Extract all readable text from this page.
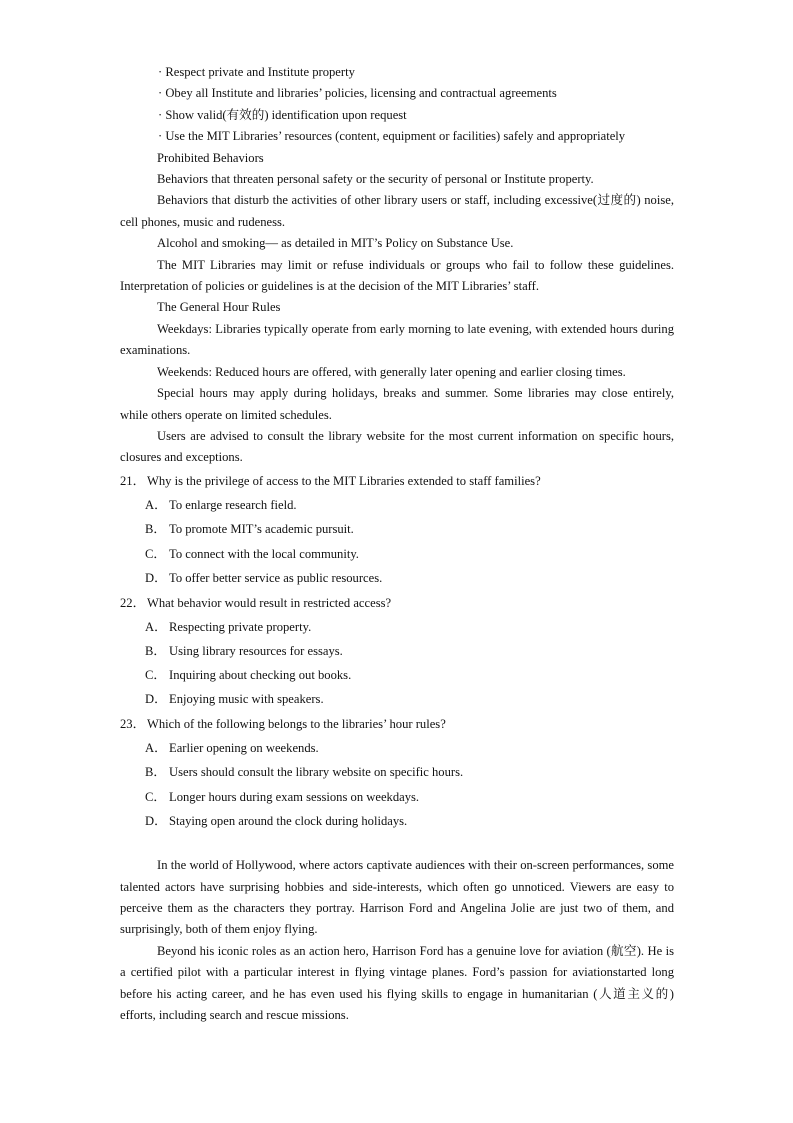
· Respect private and Institute property

· Obey all Institute and libraries’ policies, licensing and contractual agreements

· Show valid(有效的) identification upon request

· Use the MIT Libraries’ resources (content, equipment or facilities) safely and appropriately

Prohibited Behaviors

Behaviors that threaten personal safety or the security of personal or Institute property.

Behaviors that disturb the activities of other library users or staff, including excessive(过度的) noise, cell phones, music and rudeness.

Alcohol and smoking— as detailed in MIT’s Policy on Substance Use.

The MIT Libraries may limit or refuse individuals or groups who fail to follow these guidelines. Interpretation of policies or guidelines is at the decision of the MIT Libraries’ staff.

The General Hour Rules

Weekdays: Libraries typically operate from early morning to late evening, with extended hours during examinations.

Weekends: Reduced hours are offered, with generally later opening and earlier closing times.

Special hours may apply during holidays, breaks and summer. Some libraries may close entirely, while others operate on limited schedules.

Users are advised to consult the library website for the most current information on specific hours, closures and exceptions.

21． Why is the privilege of access to the MIT Libraries extended to staff families?

A． To enlarge research field.

B． To promote MIT’s academic pursuit.

C． To connect with the local community.

D． To offer better service as public resources.

22． What behavior would result in restricted access?

A． Respecting private property.

B． Using library resources for essays.

C． Inquiring about checking out books.

D． Enjoying music with speakers.

23． Which of the following belongs to the libraries’ hour rules?

A． Earlier opening on weekends.

B． Users should consult the library website on specific hours.

C． Longer hours during exam sessions on weekdays.

D． Staying open around the clock during holidays.

In the world of Hollywood, where actors captivate audiences with their on-screen performances, some talented actors have surprising hobbies and side-interests, which often go unnoticed. Viewers are easy to perceive them as the characters they portray. Harrison Ford and Angelina Jolie are just two of them, and surprisingly, both of them enjoy flying.

Beyond his iconic roles as an action hero, Harrison Ford has a genuine love for aviation (航空). He is a certified pilot with a particular interest in flying vintage planes. Ford’s passion for aviationstarted long before his acting career, and he has even used his flying skills to engage in humanitarian (人道主义的) efforts, including search and rescue missions.
